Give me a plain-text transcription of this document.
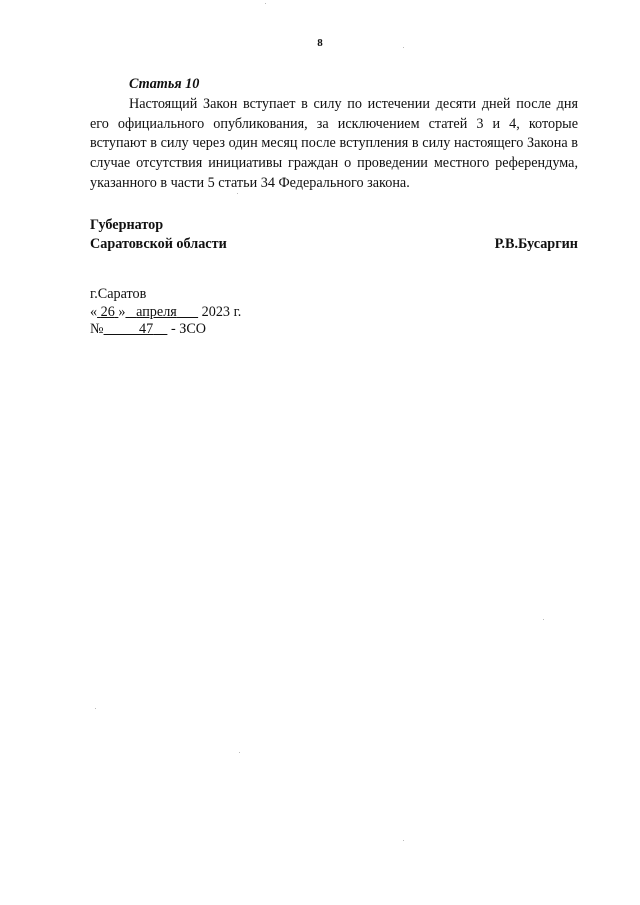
8

Статья 10

Настоящий Закон вступает в силу по истечении десяти дней после дня его официального опубликования, за исключением статей 3 и 4, которые вступают в силу через один месяц после вступления в силу настоящего Закона в случае отсутствия инициативы граждан о проведении местного референдума, указанного в части 5 статьи 34 Федерального закона.

Губернатор
Саратовской области	Р.В.Бусаргин
г.Саратов
« 26 » апреля 2023 г.
№ 47 - ЗСО
